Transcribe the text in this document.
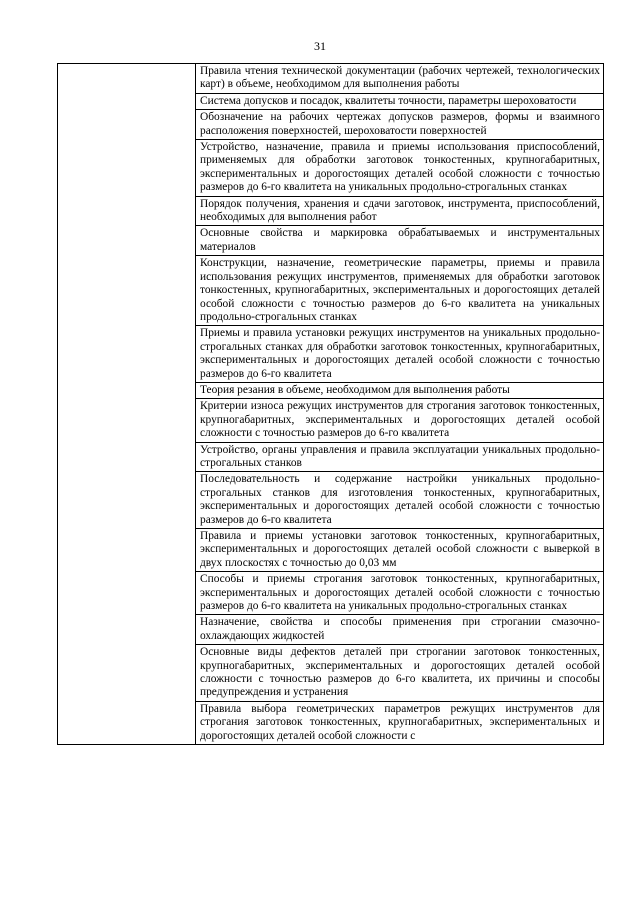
31
	Правила чтения технической документации (рабочих чертежей, технологических карт) в объеме, необходимом для выполнения работы
Система допусков и посадок, квалитеты точности, параметры шероховатости
Обозначение на рабочих чертежах допусков размеров, формы и взаимного расположения поверхностей, шероховатости поверхностей
Устройство, назначение, правила и приемы использования приспособлений, применяемых для обработки заготовок тонкостенных, крупногабаритных, экспериментальных и дорогостоящих деталей особой сложности с точностью размеров до 6-го квалитета на уникальных продольно-строгальных станках
Порядок получения, хранения и сдачи заготовок, инструмента, приспособлений, необходимых для выполнения работ
Основные свойства и маркировка обрабатываемых и инструментальных материалов
Конструкции, назначение, геометрические параметры, приемы и правила использования режущих инструментов, применяемых для обработки заготовок тонкостенных, крупногабаритных, экспериментальных и дорогостоящих деталей особой сложности с точностью размеров до 6-го квалитета на уникальных продольно-строгальных станках
Приемы и правила установки режущих инструментов на уникальных продольно-строгальных станках для обработки заготовок тонкостенных, крупногабаритных, экспериментальных и дорогостоящих деталей особой сложности с точностью размеров до 6-го квалитета
Теория резания в объеме, необходимом для выполнения работы
Критерии износа режущих инструментов для строгания заготовок тонкостенных, крупногабаритных, экспериментальных и дорогостоящих деталей особой сложности с точностью размеров до 6-го квалитета
Устройство, органы управления и правила эксплуатации уникальных продольно-строгальных станков
Последовательность и содержание настройки уникальных продольно-строгальных станков для изготовления тонкостенных, крупногабаритных, экспериментальных и дорогостоящих деталей особой сложности с точностью размеров до 6-го квалитета
Правила и приемы установки заготовок тонкостенных, крупногабаритных, экспериментальных и дорогостоящих деталей особой сложности с выверкой в двух плоскостях с точностью до 0,03 мм
Способы и приемы строгания заготовок тонкостенных, крупногабаритных, экспериментальных и дорогостоящих деталей особой сложности с точностью размеров до 6-го квалитета на уникальных продольно-строгальных станках
Назначение, свойства и способы применения при строгании смазочно-охлаждающих жидкостей
Основные виды дефектов деталей при строгании заготовок тонкостенных, крупногабаритных, экспериментальных и дорогостоящих деталей особой сложности с точностью размеров до 6-го квалитета, их причины и способы предупреждения и устранения
Правила выбора геометрических параметров режущих инструментов для строгания заготовок тонкостенных, крупногабаритных, экспериментальных и дорогостоящих деталей особой сложности с
